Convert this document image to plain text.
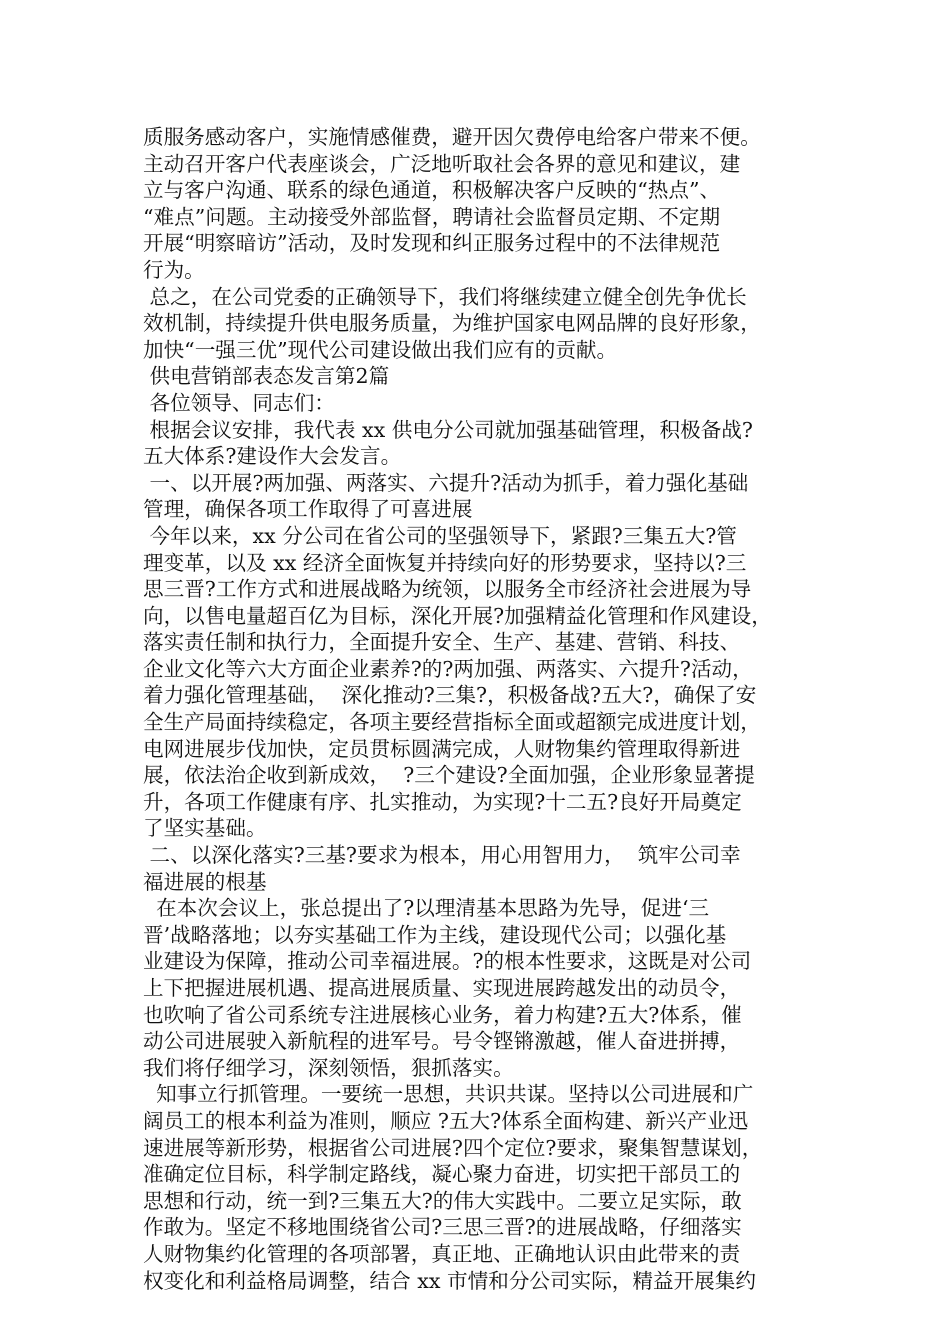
质服务感动客户，实施情感催费，避开因欠费停电给客户带来不便。
主动召开客户代表座谈会，广泛地听取社会各界的意见和建议，建
立与客户沟通、联系的绿色通道，积极解决客户反映的“热点”、
“难点”问题。主动接受外部监督，聘请社会监督员定期、不定期
开展“明察暗访”活动，及时发现和纠正服务过程中的不法律规范
行为。
总之，在公司党委的正确领导下，我们将继续建立健全创先争优长
效机制，持续提升供电服务质量，为维护国家电网品牌的良好形象，
加快“一强三优”现代公司建设做出我们应有的贡献。
供电营销部表态发言第2篇
各位领导、同志们：
根据会议安排，我代表 xx 供电分公司就加强基础管理，积极备战?
五大体系?建设作大会发言。
一、以开展?两加强、两落实、六提升?活动为抓手，着力强化基础
管理，确保各项工作取得了可喜进展
今年以来，xx 分公司在省公司的坚强领导下，紧跟?三集五大?管
理变革，以及 xx 经济全面恢复并持续向好的形势要求，坚持以?三
思三晋?工作方式和进展战略为统领，以服务全市经济社会进展为导
向，以售电量超百亿为目标，深化开展?加强精益化管理和作风建设，
落实责任制和执行力，全面提升安全、生产、基建、营销、科技、
企业文化等六大方面企业素养?的?两加强、两落实、六提升?活动，
着力强化管理基础，  深化推动?三集?，积极备战?五大?，确保了安
全生产局面持续稳定，各项主要经营指标全面或超额完成进度计划，
电网进展步伐加快，定员贯标圆满完成，人财物集约管理取得新进
展，依法治企收到新成效，  ?三个建设?全面加强，企业形象显著提
升，各项工作健康有序、扎实推动，为实现?十二五?良好开局奠定
了坚实基础。
二、以深化落实?三基?要求为根本，用心用智用力，  筑牢公司幸
福进展的根基
在本次会议上，张总提出了?以理清基本思路为先导，促进‘三
晋’战略落地；以夯实基础工作为主线，建设现代公司；以强化基
业建设为保障，推动公司幸福进展。?的根本性要求，这既是对公司
上下把握进展机遇、提高进展质量、实现进展跨越发出的动员令，
也吹响了省公司系统专注进展核心业务，着力构建?五大?体系，催
动公司进展驶入新航程的进军号。号令铿锵激越，催人奋进拼搏，
我们将仔细学习，深刻领悟，狠抓落实。
知事立行抓管理。一要统一思想，共识共谋。坚持以公司进展和广
阔员工的根本利益为准则，顺应 ?五大?体系全面构建、新兴产业迅
速进展等新形势，根据省公司进展?四个定位?要求，聚集智慧谋划，
准确定位目标，科学制定路线，凝心聚力奋进，切实把干部员工的
思想和行动，统一到?三集五大?的伟大实践中。二要立足实际，敢
作敢为。坚定不移地围绕省公司?三思三晋?的进展战略，仔细落实
人财物集约化管理的各项部署，真正地、正确地认识由此带来的责
权变化和利益格局调整，结合 xx 市情和分公司实际，精益开展集约
